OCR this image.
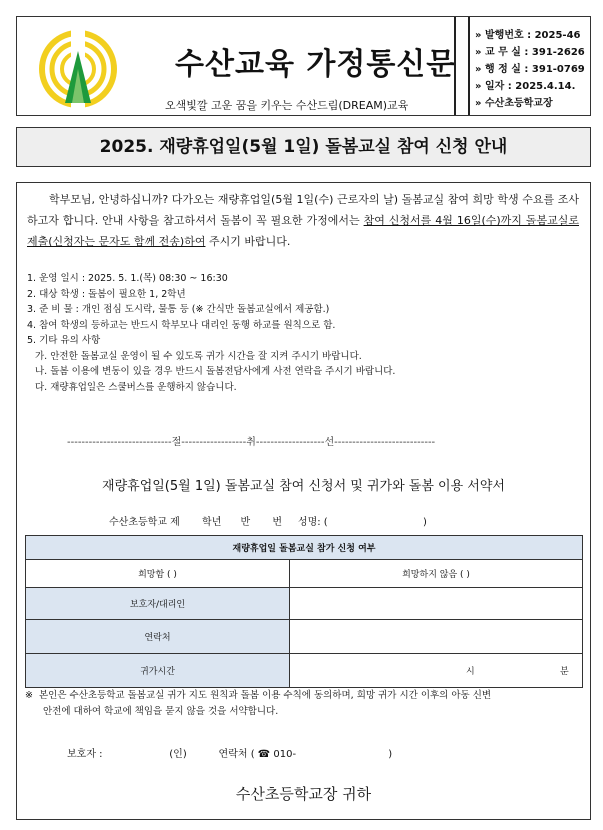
수산교육 가정통신문
오색빛깔 고운 꿈을 키우는 수산드림(DREAM)교육
» 발행번호 : 2025-46
» 교 무 실 : 391-2626
» 행 정 실 : 391-0769
» 일자 : 2025.4.14.
» 수산초등학교장
2025. 재량휴업일(5월 1일) 돌봄교실 참여 신청 안내
학부모님, 안녕하십니까? 다가오는 재량휴업일(5월 1일(수) 근로자의 날) 돌봄교실 참여 희망 학생 수요를 조사하고자 합니다. 안내 사항을 참고하셔서 돌봄이 꼭 필요한 가정에서는 참여 신청서를 4월 16일(수)까지 돌봄교실로 제출(신청자는 문자도 함께 전송)하여 주시기 바랍니다.
1. 운영 일시 : 2025. 5. 1.(목) 08:30 ~ 16:30
2. 대상 학생 : 돌봄이 필요한 1, 2학년
3. 준 비 물 : 개인 점심 도시락, 물통 등 (※ 간식만 돌봄교실에서 제공함.)
4. 참여 학생의 등하교는 반드시 학부모나 대리인 동행 하교를 원칙으로 함.
5. 기타 유의 사항
가. 안전한 돌봄교실 운영이 될 수 있도록 귀가 시간을 잘 지켜 주시기 바랍니다.
나. 돌봄 이용에 변동이 있을 경우 반드시 돌봄전담사에게 사전 연락을 주시기 바랍니다.
다. 재량휴업일은 스쿨버스를 운행하지 않습니다.
-----------------------------절------------------취-------------------선----------------------------
재량휴업일(5월 1일) 돌봄교실 참여 신청서 및 귀가와 돌봄 이용 서약서
수산초등학교 제       학년      반       번     성명: (                              )
재량휴업일 돌봄교실 참가 신청 여부	
희망함 ( )	희망하지 않음 ( )
보호자/대리인	
연락처	
귀가시간	시 분
※ 본인은 수산초등학교 돌봄교실 귀가 지도 원칙과 돌봄 이용 수칙에 동의하며, 희망 귀가 시간 이후의 아동 신변
안전에 대하여 학교에 책임을 묻지 않을 것을 서약합니다.
보호자 :                     (인)          연락처 ( ☎ 010-                             )
수산초등학교장 귀하
